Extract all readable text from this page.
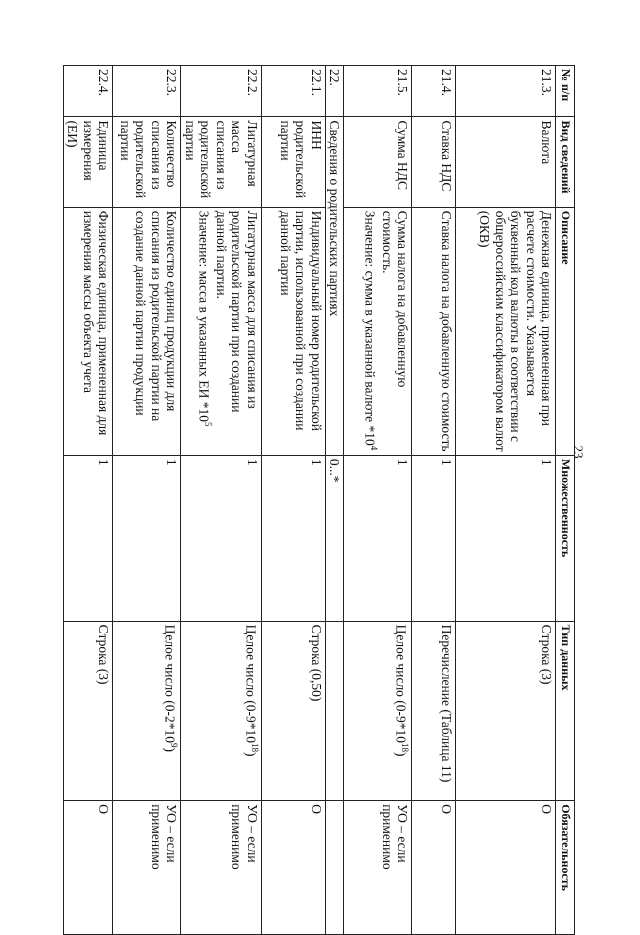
23
№ п/п	Вид сведений	Описание	Множественность	Тип данных	Обязательность
21.3.	Валюта	Денежная единица, примененная при расчете стоимости. Указывается буквенный код валюты в соответствии с общероссийским классификатором валют (ОКВ)	1	Строка (3)	О
21.4.	Ставка НДС	Ставка налога на добавленную стоимость	1	Перечисление (Таблица 11)	О
21.5.	Сумма НДС	Сумма налога на добавленную стоимость.
Значение: сумма в указанной валюте $*10^4$	1	Целое число $(0-9*10^{18})$	УО – если применимо
22.	Сведения о родительских партиях		0...*		
22.1.	ИНН родительской партии	Индивидуальный номер родительской партии, использованной при создании данной партии	1	Строка (0,50)	О
22.2.	Лигатурная масса списания из родительской партии	Лигатурная масса для списания из родительской партии при создании данной партии.
Значение: масса в указанных ЕИ $*10^5$	1	Целое число $(0-9*10^{18})$	УО – если применимо
22.3.	Количество списания из родительской партии	Количество единиц продукции для списания из родительской партии на создание данной партии продукции	1	Целое число $(0-2*10^9)$	УО – если применимо
22.4.	Единица измерения (ЕИ)	Физическая единица, примененная для измерения массы объекта учета	1	Строка (3)	О
